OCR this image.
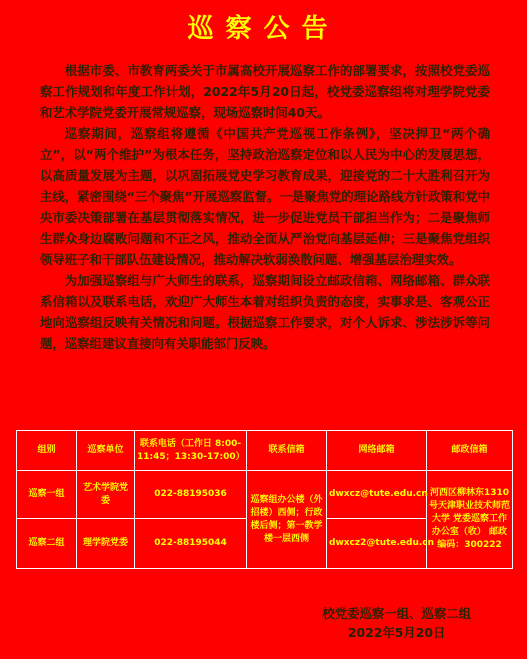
巡察公告

根据市委、市教育两委关于市属高校开展巡察工作的部署要求，按照校党委巡察工作规划和年度工作计划，2022年5月20日起，校党委巡察组将对理学院党委和艺术学院党委开展常规巡察，现场巡察时间40天。

巡察期间，巡察组将遵循《中国共产党巡视工作条例》，坚决捍卫“两个确立”，以“两个维护”为根本任务，坚持政治巡察定位和以人民为中心的发展思想，以高质量发展为主题，以巩固拓展党史学习教育成果，迎接党的二十大胜利召开为主线，紧密围绕“三个聚焦”开展巡察监督。一是聚焦党的理论路线方针政策和党中央市委决策部署在基层贯彻落实情况，进一步促进党员干部担当作为；二是聚焦师生群众身边腐败问题和不正之风，推动全面从严治党向基层延伸；三是聚焦党组织领导班子和干部队伍建设情况，推动解决软弱涣散问题、增强基层治理实效。

为加强巡察组与广大师生的联系，巡察期间设立邮政信箱、网络邮箱、群众联系信箱以及联系电话，欢迎广大师生本着对组织负责的态度，实事求是、客观公正地向巡察组反映有关情况和问题。根据巡察工作要求，对个人诉求、涉法涉诉等问题，巡察组建议直接向有关职能部门反映。

组别	巡察单位	联系电话（工作日 8:00-11:45；13:30-17:00）	联系信箱	网络邮箱	邮政信箱
巡察一组	艺术学院党委	022-88195036	巡察组办公楼（外招楼）西侧；行政楼后侧；第一教学楼一层西侧	dwxcz@tute.edu.cn	河西区柳林东1310号天津职业技术师范大学 党委巡察工作办公室（收） 邮政编码：300222
巡察二组	理学院党委	022-88195044		dwxcz2@tute.edu.cn	
校党委巡察一组、巡察二组
2022年5月20日
